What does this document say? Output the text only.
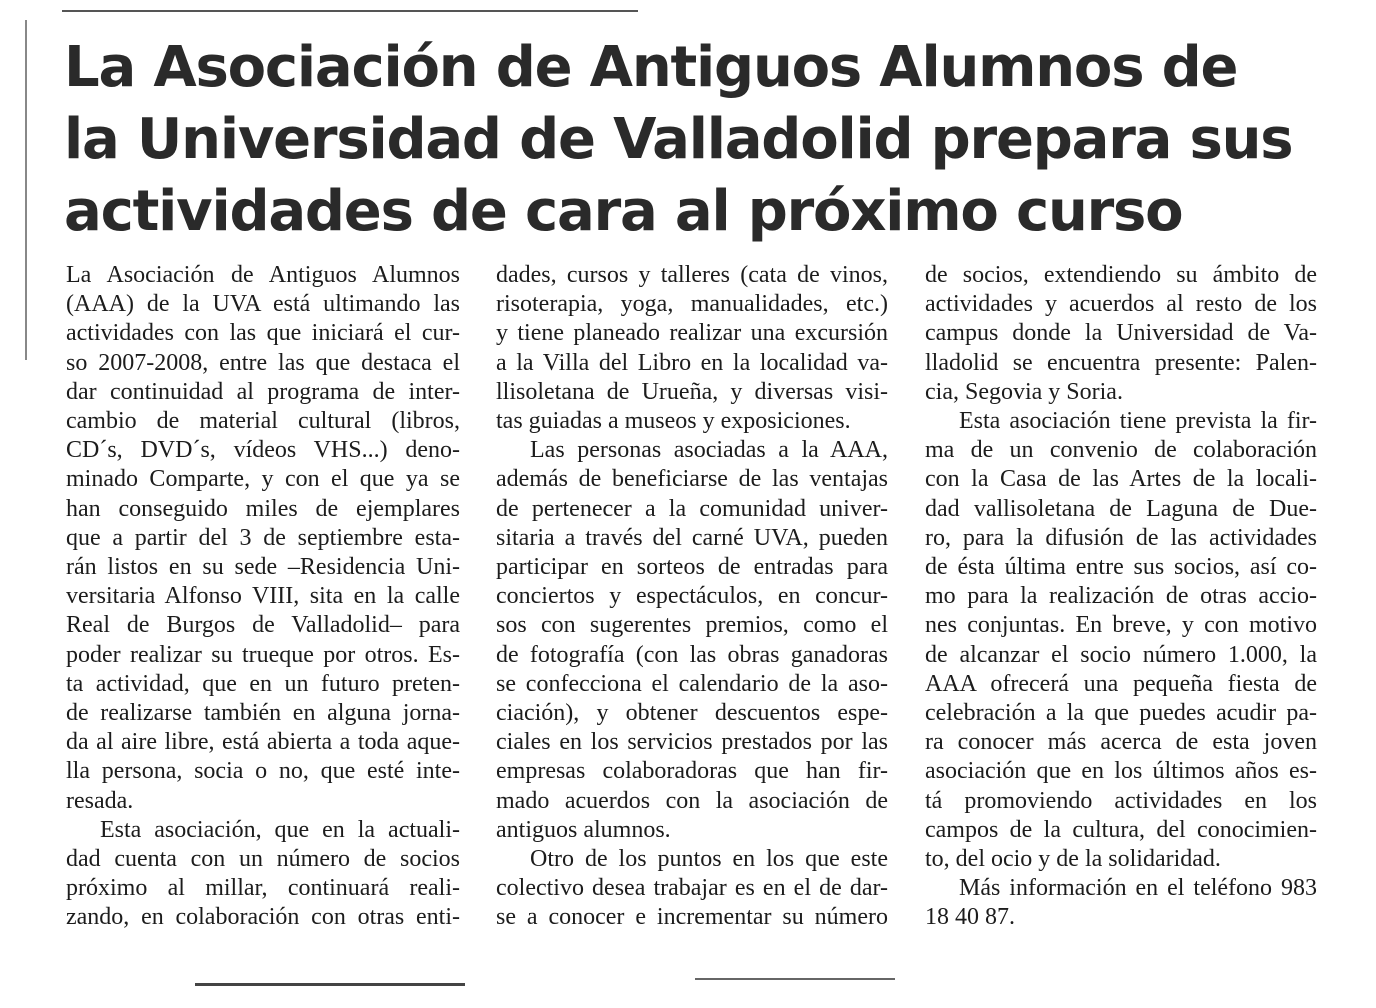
La Asociación de Antiguos Alumnos de
la Universidad de Valladolid prepara sus
actividades de cara al próximo curso

La Asociación de Antiguos Alumnos
(AAA) de la UVA está ultimando las
actividades con las que iniciará el cur-
so 2007-2008, entre las que destaca el
dar continuidad al programa de inter-
cambio de material cultural (libros,
CD´s, DVD´s, vídeos VHS...) deno-
minado Comparte, y con el que ya se
han conseguido miles de ejemplares
que a partir del 3 de septiembre esta-
rán listos en su sede –Residencia Uni-
versitaria Alfonso VIII, sita en la calle
Real de Burgos de Valladolid– para
poder realizar su trueque por otros. Es-
ta actividad, que en un futuro preten-
de realizarse también en alguna jorna-
da al aire libre, está abierta a toda aque-
lla persona, socia o no, que esté inte-
resada.

Esta asociación, que en la actuali-
dad cuenta con un número de socios
próximo al millar, continuará reali-
zando, en colaboración con otras enti-

dades, cursos y talleres (cata de vinos,
risoterapia, yoga, manualidades, etc.)
y tiene planeado realizar una excursión
a la Villa del Libro en la localidad va-
llisoletana de Urueña, y diversas visi-
tas guiadas a museos y exposiciones.

Las personas asociadas a la AAA,
además de beneficiarse de las ventajas
de pertenecer a la comunidad univer-
sitaria a través del carné UVA, pueden
participar en sorteos de entradas para
conciertos y espectáculos, en concur-
sos con sugerentes premios, como el
de fotografía (con las obras ganadoras
se confecciona el calendario de la aso-
ciación), y obtener descuentos espe-
ciales en los servicios prestados por las
empresas colaboradoras que han fir-
mado acuerdos con la asociación de
antiguos alumnos.

Otro de los puntos en los que este
colectivo desea trabajar es en el de dar-
se a conocer e incrementar su número

de socios, extendiendo su ámbito de
actividades y acuerdos al resto de los
campus donde la Universidad de Va-
lladolid se encuentra presente: Palen-
cia, Segovia y Soria.

Esta asociación tiene prevista la fir-
ma de un convenio de colaboración
con la Casa de las Artes de la locali-
dad vallisoletana de Laguna de Due-
ro, para la difusión de las actividades
de ésta última entre sus socios, así co-
mo para la realización de otras accio-
nes conjuntas. En breve, y con motivo
de alcanzar el socio número 1.000, la
AAA ofrecerá una pequeña fiesta de
celebración a la que puedes acudir pa-
ra conocer más acerca de esta joven
asociación que en los últimos años es-
tá promoviendo actividades en los
campos de la cultura, del conocimien-
to, del ocio y de la solidaridad.

Más información en el teléfono 983
18 40 87.
